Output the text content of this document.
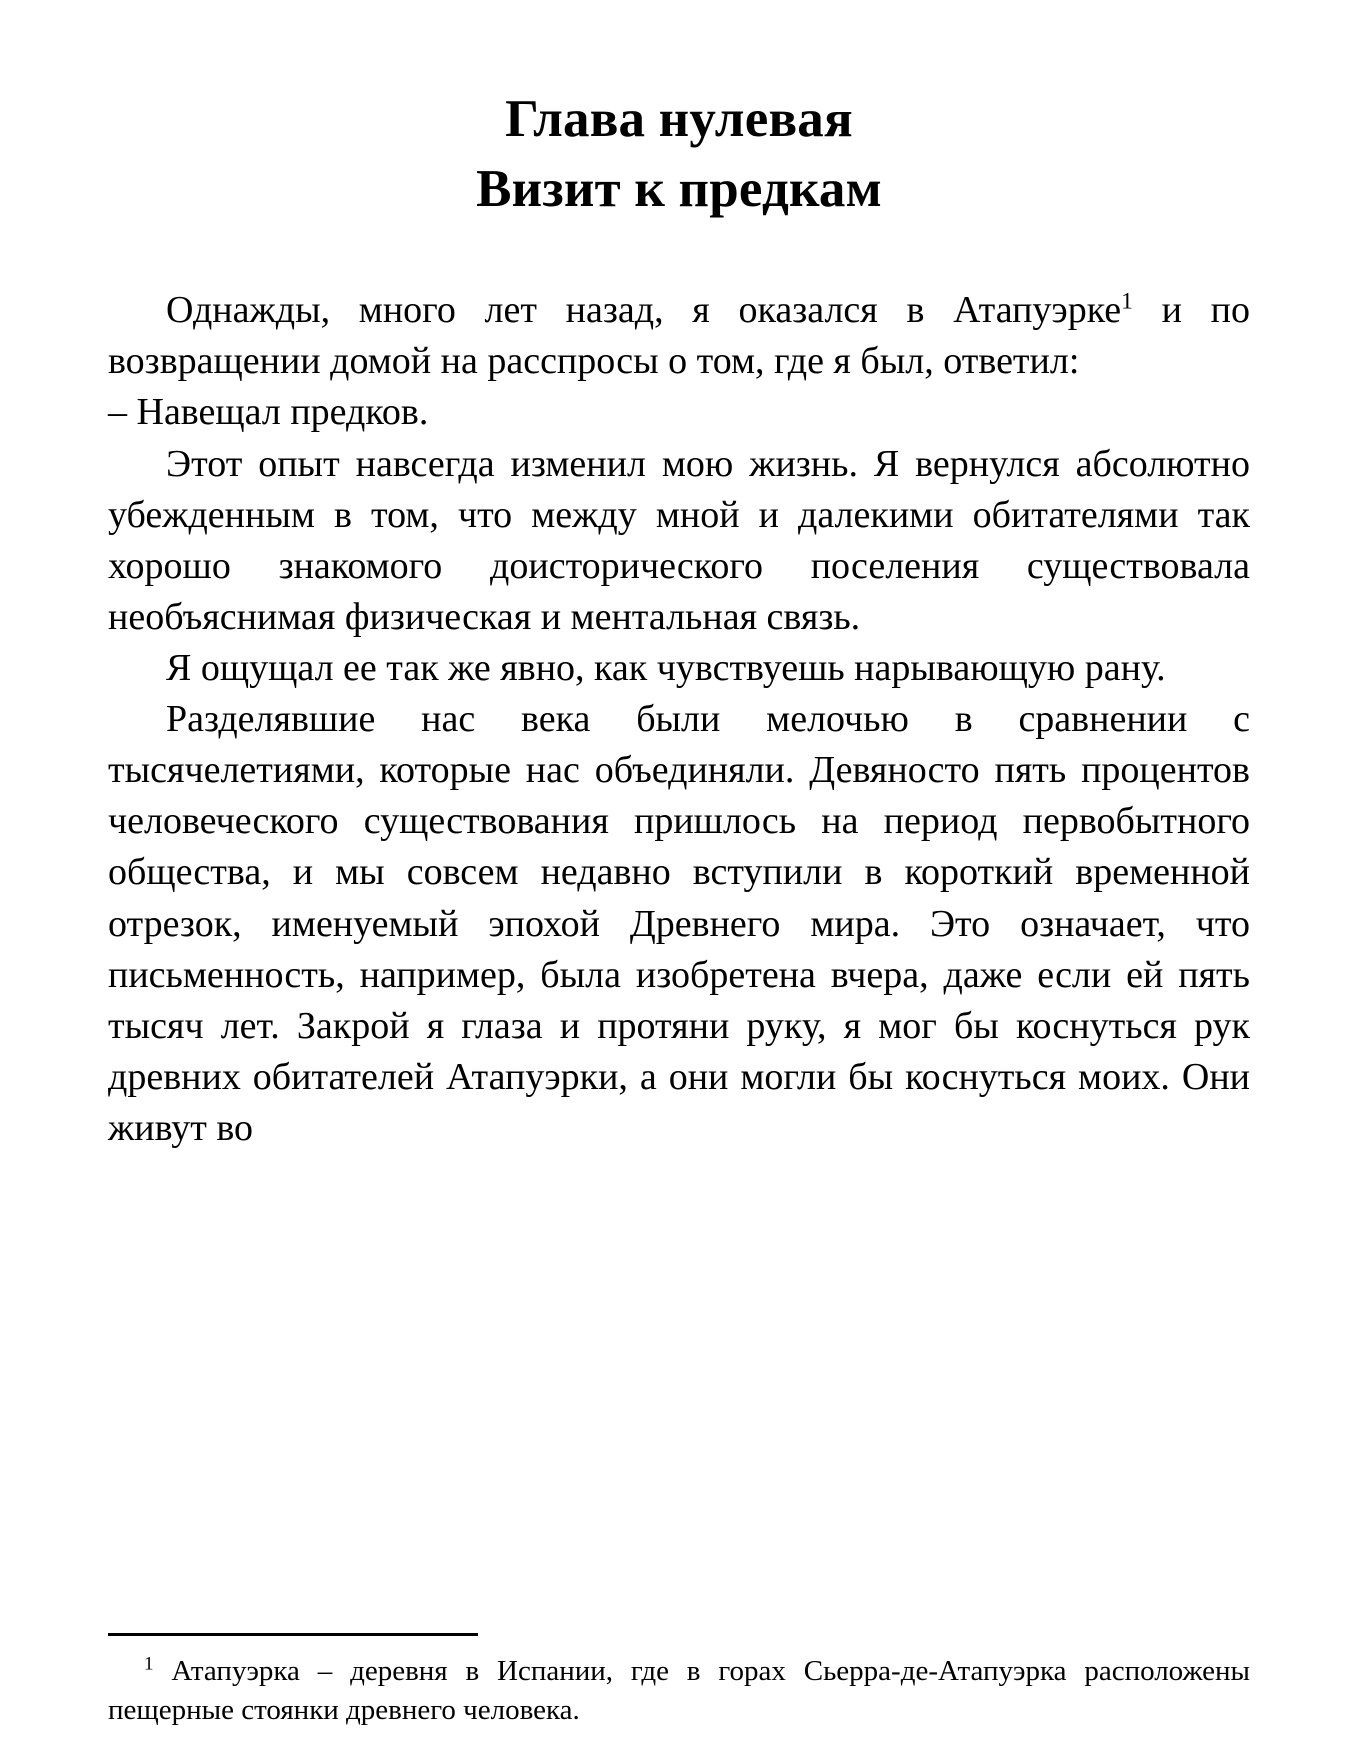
Глава нулевая
Визит к предкам

Однажды, много лет назад, я оказался в Атапуэрке$^1$ и по возвращении домой на расспросы о том, где я был, ответил:

– Навещал предков.

Этот опыт навсегда изменил мою жизнь. Я вернулся абсолютно убежденным в том, что между мной и далекими обитателями так хорошо знакомого доисторического поселения существовала необъяснимая физическая и ментальная связь.

Я ощущал ее так же явно, как чувствуешь нарывающую рану.

Разделявшие нас века были мелочью в сравнении с тысячелетиями, которые нас объединяли. Девяносто пять процентов человеческого существования пришлось на период первобытного общества, и мы совсем недавно вступили в короткий временной отрезок, именуемый эпохой Древнего мира. Это означает, что письменность, например, была изобретена вчера, даже если ей пять тысяч лет. Закрой я глаза и протяни руку, я мог бы коснуться рук древних обитателей Атапуэрки, а они могли бы коснуться моих. Они живут во

$^1$ Атапуэрка – деревня в Испании, где в горах Сьерра-де-Атапуэрка расположены пещерные стоянки древнего человека.
